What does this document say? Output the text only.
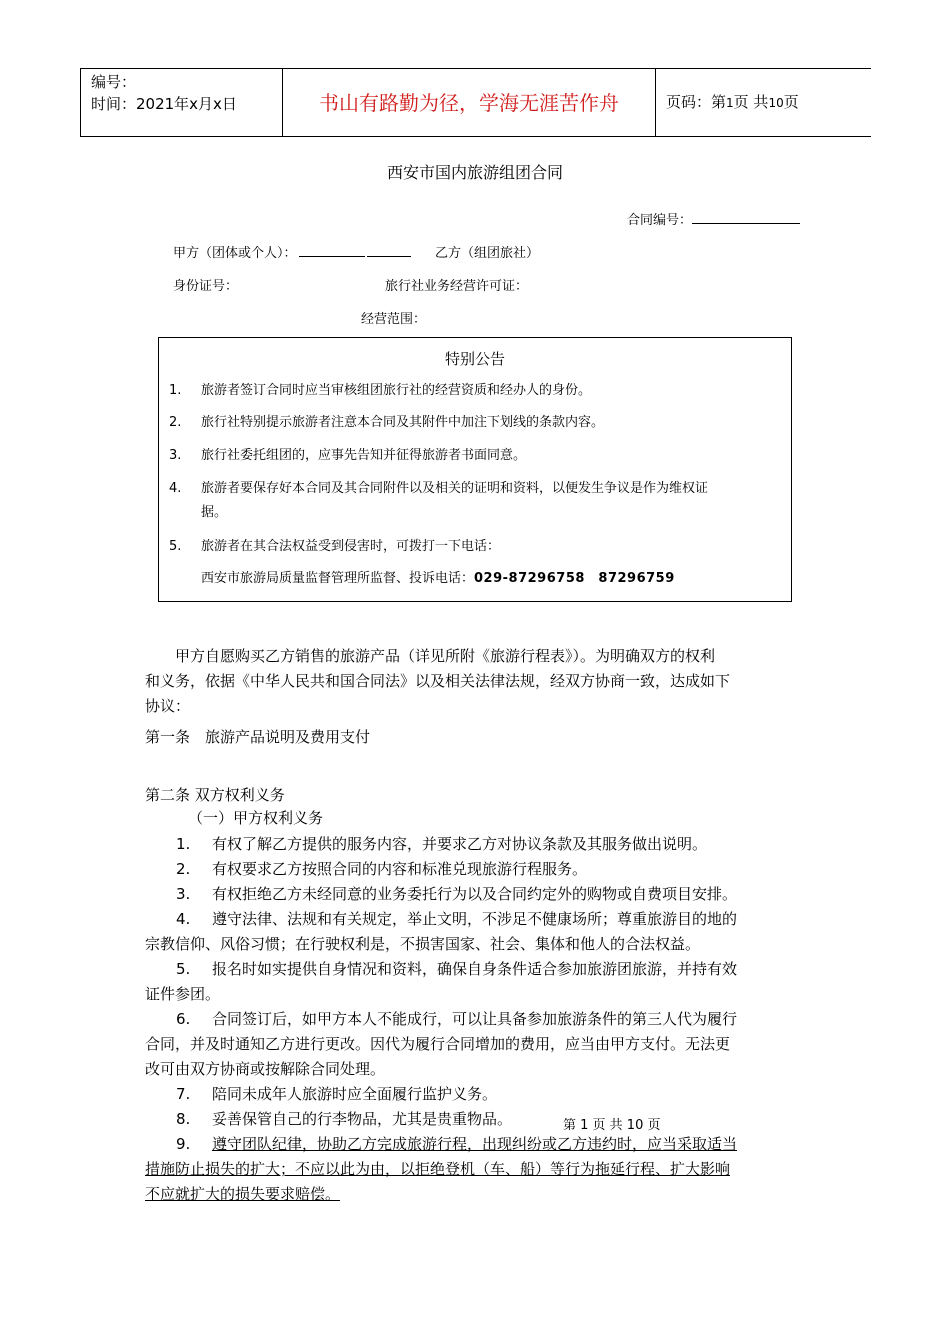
编号：
时间：2021年x月x日	书山有路勤为径，学海无涯苦作舟	页码：第1页 共10页
西安市国内旅游组团合同
合同编号：
甲方（团体或个人）：	乙方（组团旅社）
身份证号：	旅行社业务经营许可证：
经营范围：
特别公告
1.	旅游者签订合同时应当审核组团旅行社的经营资质和经办人的身份。
2.	旅行社特别提示旅游者注意本合同及其附件中加注下划线的条款内容。
3.	旅行社委托组团的，应事先告知并征得旅游者书面同意。
4.	旅游者要保存好本合同及其合同附件以及相关的证明和资料，以便发生争议是作为维权证
据。
5.	旅游者在其合法权益受到侵害时，可拨打一下电话：
西安市旅游局质量监督管理所监督、投诉电话：029-87296758　87296759
甲方自愿购买乙方销售的旅游产品（详见所附《旅游行程表》）。为明确双方的权利
和义务，依据《中华人民共和国合同法》以及相关法律法规，经双方协商一致，达成如下
协议：
第一条　旅游产品说明及费用支付
第二条 双方权利义务
（一）甲方权利义务
1. 有权了解乙方提供的服务内容，并要求乙方对协议条款及其服务做出说明。
2. 有权要求乙方按照合同的内容和标准兑现旅游行程服务。
3. 有权拒绝乙方未经同意的业务委托行为以及合同约定外的购物或自费项目安排。
4. 遵守法律、法规和有关规定，举止文明，不涉足不健康场所；尊重旅游目的地的
宗教信仰、风俗习惯；在行驶权利是，不损害国家、社会、集体和他人的合法权益。
5. 报名时如实提供自身情况和资料，确保自身条件适合参加旅游团旅游，并持有效
证件参团。
6. 合同签订后，如甲方本人不能成行，可以让具备参加旅游条件的第三人代为履行
合同，并及时通知乙方进行更改。因代为履行合同增加的费用，应当由甲方支付。无法更
改可由双方协商或按解除合同处理。
7. 陪同未成年人旅游时应全面履行监护义务。
8. 妥善保管自己的行李物品，尤其是贵重物品。	第 1 页 共 10 页
9. 遵守团队纪律，协助乙方完成旅游行程，出现纠纷或乙方违约时，应当采取适当
措施防止损失的扩大；不应以此为由，以拒绝登机（车、船）等行为拖延行程、扩大影响
不应就扩大的损失要求赔偿。
